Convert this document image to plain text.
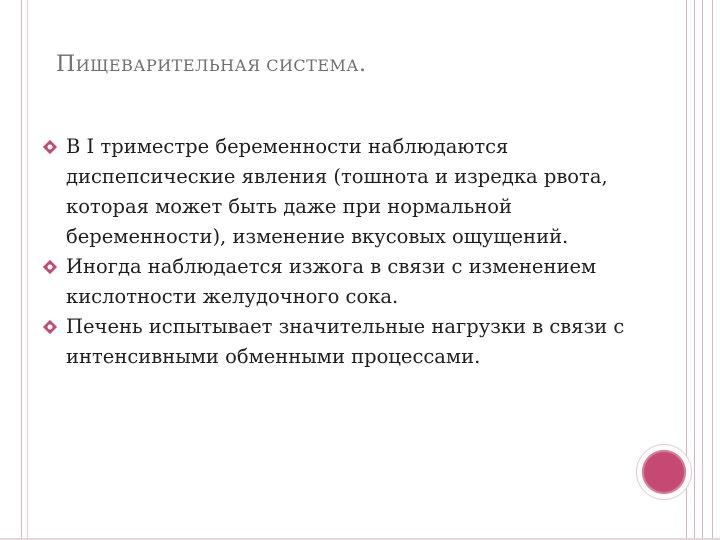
ПИЩЕВАРИТЕЛЬНАЯ СИСТЕМА.
В I триместре беременности наблюдаются диспепсические явления (тошнота и изредка рвота, которая может быть даже при нормальной беременности), изменение вкусовых ощущений.
Иногда наблюдается изжога в связи с изменением кислотности желудочного сока.
Печень испытывает значительные нагрузки в связи с интенсивными обменными процессами.
